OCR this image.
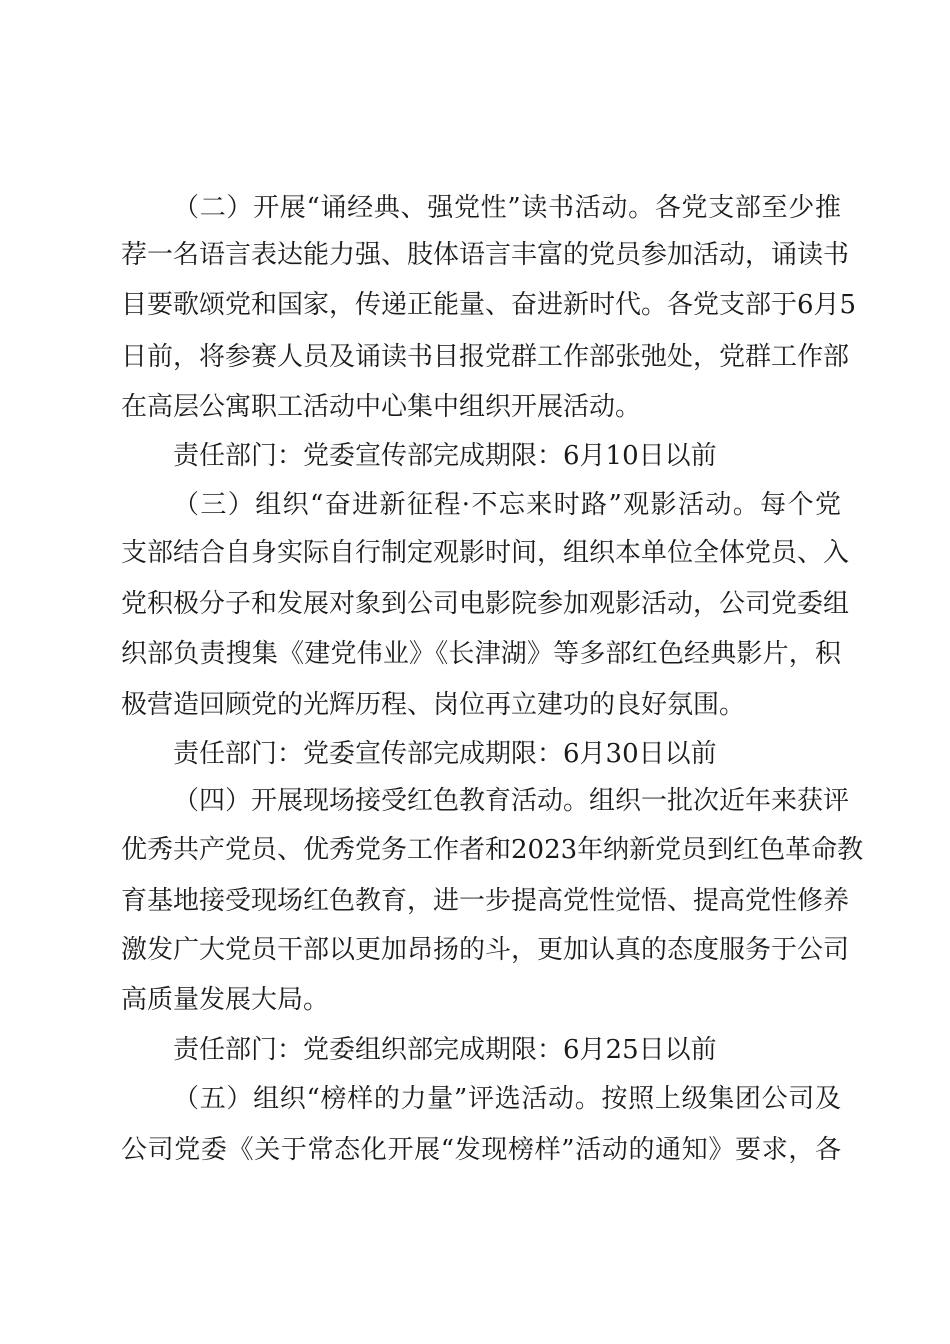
（二）开展“诵经典、强党性”读书活动。各党支部至少推
荐一名语言表达能力强、肢体语言丰富的党员参加活动，诵读书
目要歌颂党和国家，传递正能量、奋进新时代。各党支部于6月5
日前，将参赛人员及诵读书目报党群工作部张弛处，党群工作部
在高层公寓职工活动中心集中组织开展活动。
责任部门：党委宣传部完成期限：6月10日以前
（三）组织“奋进新征程·不忘来时路”观影活动。每个党
支部结合自身实际自行制定观影时间，组织本单位全体党员、入
党积极分子和发展对象到公司电影院参加观影活动，公司党委组
织部负责搜集《建党伟业》《长津湖》等多部红色经典影片，积
极营造回顾党的光辉历程、岗位再立建功的良好氛围。
责任部门：党委宣传部完成期限：6月30日以前
（四）开展现场接受红色教育活动。组织一批次近年来获评
优秀共产党员、优秀党务工作者和2023年纳新党员到红色革命教
育基地接受现场红色教育，进一步提高党性觉悟、提高党性修养
激发广大党员干部以更加昂扬的斗，更加认真的态度服务于公司
高质量发展大局。
责任部门：党委组织部完成期限：6月25日以前
（五）组织“榜样的力量”评选活动。按照上级集团公司及
公司党委《关于常态化开展“发现榜样”活动的通知》要求，各
